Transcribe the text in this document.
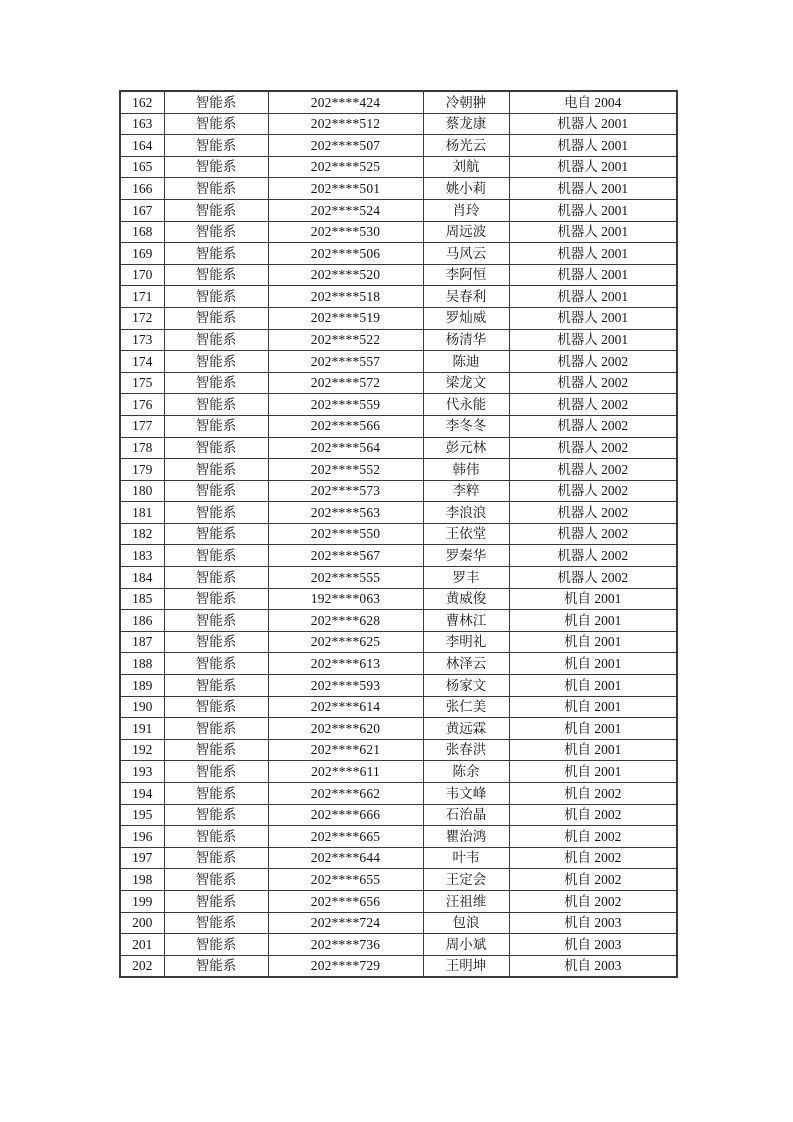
162	智能系	202****424	冷朝翀	电自 2004
163	智能系	202****512	蔡龙康	机器人 2001
164	智能系	202****507	杨光云	机器人 2001
165	智能系	202****525	刘航	机器人 2001
166	智能系	202****501	姚小莉	机器人 2001
167	智能系	202****524	肖玲	机器人 2001
168	智能系	202****530	周远波	机器人 2001
169	智能系	202****506	马风云	机器人 2001
170	智能系	202****520	李阿恒	机器人 2001
171	智能系	202****518	吴春利	机器人 2001
172	智能系	202****519	罗灿威	机器人 2001
173	智能系	202****522	杨清华	机器人 2001
174	智能系	202****557	陈迪	机器人 2002
175	智能系	202****572	梁龙文	机器人 2002
176	智能系	202****559	代永能	机器人 2002
177	智能系	202****566	李冬冬	机器人 2002
178	智能系	202****564	彭元林	机器人 2002
179	智能系	202****552	韩伟	机器人 2002
180	智能系	202****573	李粹	机器人 2002
181	智能系	202****563	李浪浪	机器人 2002
182	智能系	202****550	王依堂	机器人 2002
183	智能系	202****567	罗秦华	机器人 2002
184	智能系	202****555	罗丰	机器人 2002
185	智能系	192****063	黄威俊	机自 2001
186	智能系	202****628	曹林江	机自 2001
187	智能系	202****625	李明礼	机自 2001
188	智能系	202****613	林泽云	机自 2001
189	智能系	202****593	杨家文	机自 2001
190	智能系	202****614	张仁美	机自 2001
191	智能系	202****620	黄远霖	机自 2001
192	智能系	202****621	张春洪	机自 2001
193	智能系	202****611	陈余	机自 2001
194	智能系	202****662	韦文峰	机自 2002
195	智能系	202****666	石治晶	机自 2002
196	智能系	202****665	瞿治鸿	机自 2002
197	智能系	202****644	叶韦	机自 2002
198	智能系	202****655	王定会	机自 2002
199	智能系	202****656	汪祖维	机自 2002
200	智能系	202****724	包浪	机自 2003
201	智能系	202****736	周小斌	机自 2003
202	智能系	202****729	王明坤	机自 2003
